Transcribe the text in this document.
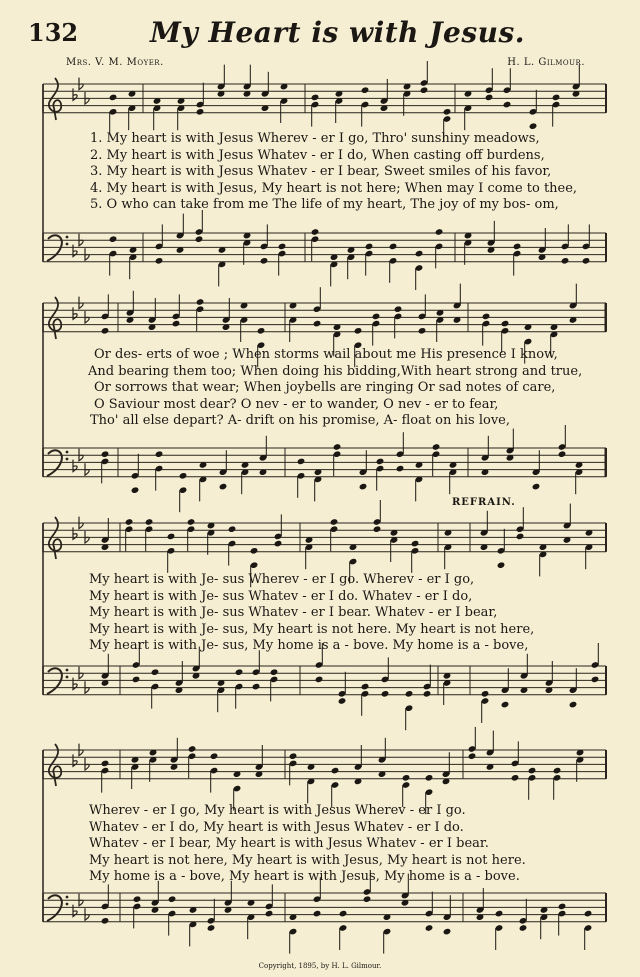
132	My Heart is with Jesus.
Mrs. V. M. Moyer.	H. L. Gilmour.
REFRAIN.
1. My heart is with Jesus Wherev - er I go, Thro' sunshiny meadows,
2. My heart is with Jesus Whatev - er I do, When casting off burdens,
3. My heart is with Jesus Whatev - er I bear, Sweet smiles of his favor,
4. My heart is with Jesus, My heart is not here; When may I come to thee,
5. O who can take from me The life of my heart, The joy of my bos- om,
Or des- erts of woe ; When storms wail about me His presence I know,
And bearing them too; When doing his bidding,With heart strong and true,
Or sorrows that wear; When joybells are ringing Or sad notes of care,
O Saviour most dear? O nev - er to wander, O nev - er to fear,
Tho' all else depart? A- drift on his promise, A- float on his love,
My heart is with Je- sus Wherev - er I go. Wherev - er I go,
My heart is with Je- sus Whatev - er I do. Whatev - er I do,
My heart is with Je- sus Whatev - er I bear. Whatev - er I bear,
My heart is with Je- sus, My heart is not here. My heart is not here,
My heart is with Je- sus, My home is a - bove. My home is a - bove,
Wherev - er I go, My heart is with Jesus Wherev - er I go.
Whatev - er I do, My heart is with Jesus Whatev - er I do.
Whatev - er I bear, My heart is with Jesus Whatev - er I bear.
My heart is not here, My heart is with Jesus, My heart is not here.
My home is a - bove, My heart is with Jesus, My home is a - bove.
Copyright, 1895, by H. L. Gilmour.
